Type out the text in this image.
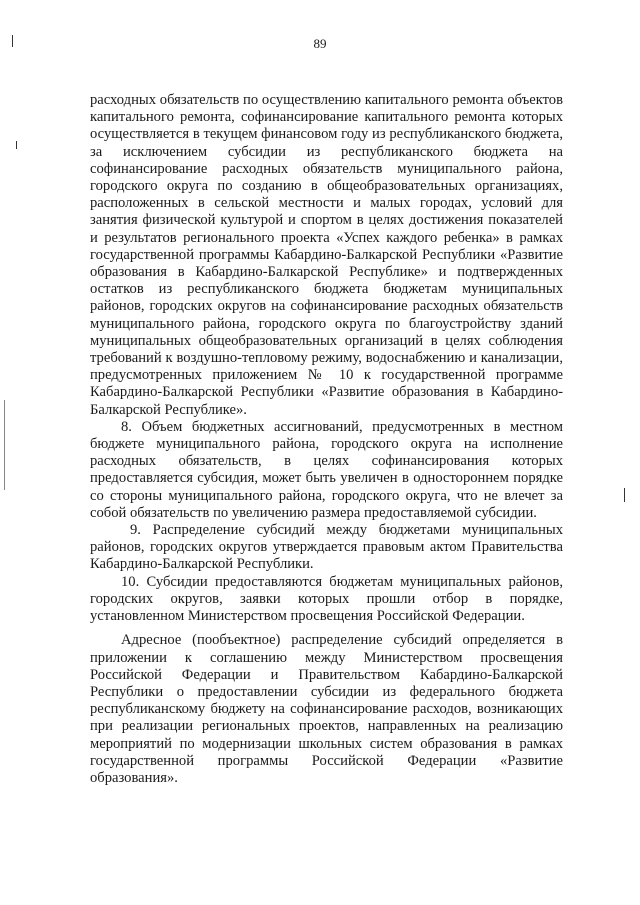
89

расходных обязательств по осуществлению капитального ремонта объектов капитального ремонта, софинансирование капитального ремонта которых осуществляется в текущем финансовом году из республиканского бюджета, за исключением субсидии из республиканского бюджета на софинансирование расходных обязательств муниципального района, городского округа по созданию в общеобразовательных организациях, расположенных в сельской местности и малых городах, условий для занятия физической культурой и спортом в целях достижения показателей и результатов регионального проекта «Успех каждого ребенка» в рамках государственной программы Кабардино-Балкарской Республики «Развитие образования в Кабардино-Балкарской Республике» и подтвержденных остатков из республиканского бюджета бюджетам муниципальных районов, городских округов на софинансирование расходных обязательств муниципального района, городского округа по благоустройству зданий муниципальных общеобразовательных организаций в целях соблюдения требований к воздушно-тепловому режиму, водоснабжению и канализации, предусмотренных приложением № 10 к государственной программе Кабардино-Балкарской Республики «Развитие образования в Кабардино-Балкарской Республике».

8. Объем бюджетных ассигнований, предусмотренных в местном бюджете муниципального района, городского округа на исполнение расходных обязательств, в целях софинансирования которых предоставляется субсидия, может быть увеличен в одностороннем порядке со стороны муниципального района, городского округа, что не влечет за собой обязательств по увеличению размера предоставляемой субсидии.

9. Распределение субсидий между бюджетами муниципальных районов, городских округов утверждается правовым актом Правительства Кабардино-Балкарской Республики.

10. Субсидии предоставляются бюджетам муниципальных районов, городских округов, заявки которых прошли отбор в порядке, установленном Министерством просвещения Российской Федерации.

Адресное (пообъектное) распределение субсидий определяется в приложении к соглашению между Министерством просвещения Российской Федерации и Правительством Кабардино-Балкарской Республики о предоставлении субсидии из федерального бюджета республиканскому бюджету на софинансирование расходов, возникающих при реализации региональных проектов, направленных на реализацию мероприятий по модернизации школьных систем образования в рамках государственной программы Российской Федерации «Развитие образования».
